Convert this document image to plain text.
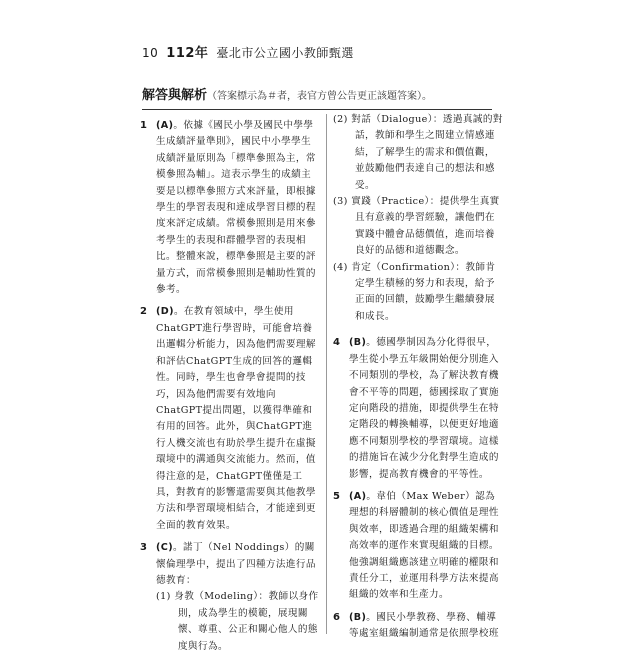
10 112年 臺北市公立國小教師甄選
解答與解析（答案標示為＃者，表官方曾公告更正該題答案）。
1 (A)。依據《國民小學及國民中學學生成績評量準則》，國民中小學學生成績評量原則為「標準參照為主，常模參照為輔」。這表示學生的成績主要是以標準參照方式來評量，即根據學生的學習表現和達成學習目標的程度來評定成績。常模參照則是用來參考學生的表現和群體學習的表現相比。整體來說，標準參照是主要的評量方式，而常模參照則是輔助性質的參考。
2 (D)。在教育領域中，學生使用ChatGPT進行學習時，可能會培養出邏輯分析能力，因為他們需要理解和評估ChatGPT生成的回答的邏輯性。同時，學生也會學會提問的技巧，因為他們需要有效地向ChatGPT提出問題，以獲得準確和有用的回答。此外，與ChatGPT進行人機交流也有助於學生提升在虛擬環境中的溝通與交流能力。然而，值得注意的是，ChatGPT僅僅是工具，對教育的影響還需要與其他教學方法和學習環境相結合，才能達到更全面的教育效果。
3 (C)。諾丁（Nel Noddings）的關懷倫理學中，提出了四種方法進行品德教育：
(1) 身教（Modeling）：教師以身作則，成為學生的模範，展現關懷、尊重、公正和關心他人的態度與行為。
(2) 對話（Dialogue）：透過真誠的對話，教師和學生之間建立情感連結，了解學生的需求和價值觀，並鼓勵他們表達自己的想法和感受。
(3) 實踐（Practice）：提供學生真實且有意義的學習經驗，讓他們在實踐中體會品德價值，進而培養良好的品德和道德觀念。
(4) 肯定（Confirmation）：教師肯定學生積極的努力和表現，給予正面的回饋，鼓勵學生繼續發展和成長。
4 (B)。德國學制因為分化得很早，學生從小學五年級開始便分別進入不同類別的學校，為了解決教育機會不平等的問題，德國採取了實施定向階段的措施，即提供學生在特定階段的轉換輔導，以便更好地適應不同類別學校的學習環境。這樣的措施旨在減少分化對學生造成的影響，提高教育機會的平等性。
5 (A)。韋伯（Max Weber）認為理想的科層體制的核心價值是理性與效率，即透過合理的組織架構和高效率的運作來實現組織的目標。他強調組織應該建立明確的權限和責任分工，並運用科學方法來提高組織的效率和生產力。
6 (B)。國民小學教務、學務、輔導等處室組織編制通常是依照學校班
